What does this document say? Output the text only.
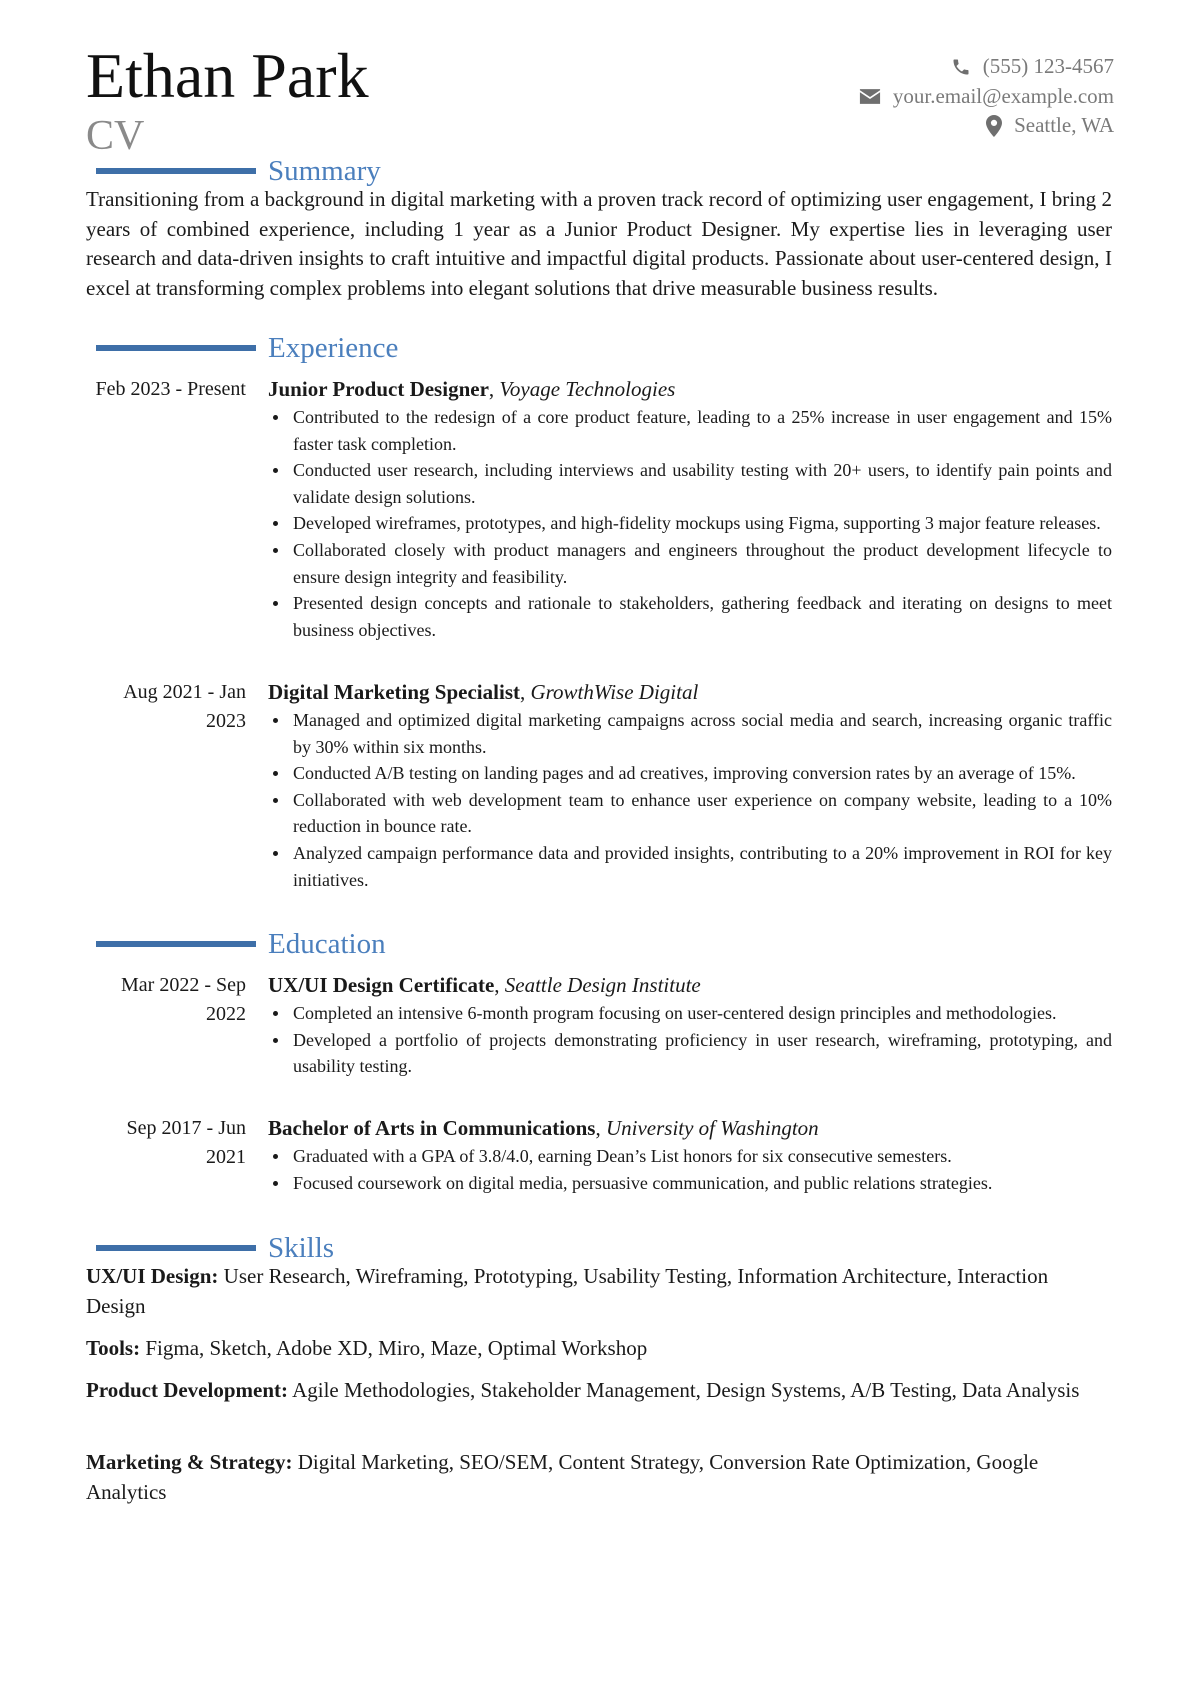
Ethan Park
CV
(555) 123-4567
your.email@example.com
Seattle, WA
Summary

Transitioning from a background in digital marketing with a proven track record of optimizing user engagement, I bring 2 years of combined experience, including 1 year as a Junior Product Designer. My expertise lies in leveraging user research and data-driven insights to craft intuitive and impactful digital products. Passionate about user-centered design, I excel at transforming complex problems into elegant solutions that drive measurable business results.

Experience
Feb 2023 - Present Junior Product Designer, Voyage Technologies
Contributed to the redesign of a core product feature, leading to a 25% increase in user engagement and 15% faster task completion.
Conducted user research, including interviews and usability testing with 20+ users, to identify pain points and validate design solutions.
Developed wireframes, prototypes, and high-fidelity mockups using Figma, supporting 3 major feature releases.
Collaborated closely with product managers and engineers throughout the product development lifecycle to ensure design integrity and feasibility.
Presented design concepts and rationale to stakeholders, gathering feedback and iterating on designs to meet business objectives.
Aug 2021 - Jan 2023
Digital Marketing Specialist, GrowthWise Digital
Managed and optimized digital marketing campaigns across social media and search, increasing organic traffic by 30% within six months.
Conducted A/B testing on landing pages and ad creatives, improving conversion rates by an average of 15%.
Collaborated with web development team to enhance user experience on company website, leading to a 10% reduction in bounce rate.
Analyzed campaign performance data and provided insights, contributing to a 20% improvement in ROI for key initiatives.
Education
Mar 2022 - Sep 2022
UX/UI Design Certificate, Seattle Design Institute
Completed an intensive 6-month program focusing on user-centered design principles and methodologies.
Developed a portfolio of projects demonstrating proficiency in user research, wireframing, prototyping, and usability testing.
Sep 2017 - Jun 2021
Bachelor of Arts in Communications, University of Washington
Graduated with a GPA of 3.8/4.0, earning Dean’s List honors for six consecutive semesters.
Focused coursework on digital media, persuasive communication, and public relations strategies.
Skills

UX/UI Design: User Research, Wireframing, Prototyping, Usability Testing, Information Architecture, Interaction Design

Tools: Figma, Sketch, Adobe XD, Miro, Maze, Optimal Workshop

Product Development: Agile Methodologies, Stakeholder Management, Design Systems, A/B Testing, Data Analysis

Marketing & Strategy: Digital Marketing, SEO/SEM, Content Strategy, Conversion Rate Optimization, Google Analytics
